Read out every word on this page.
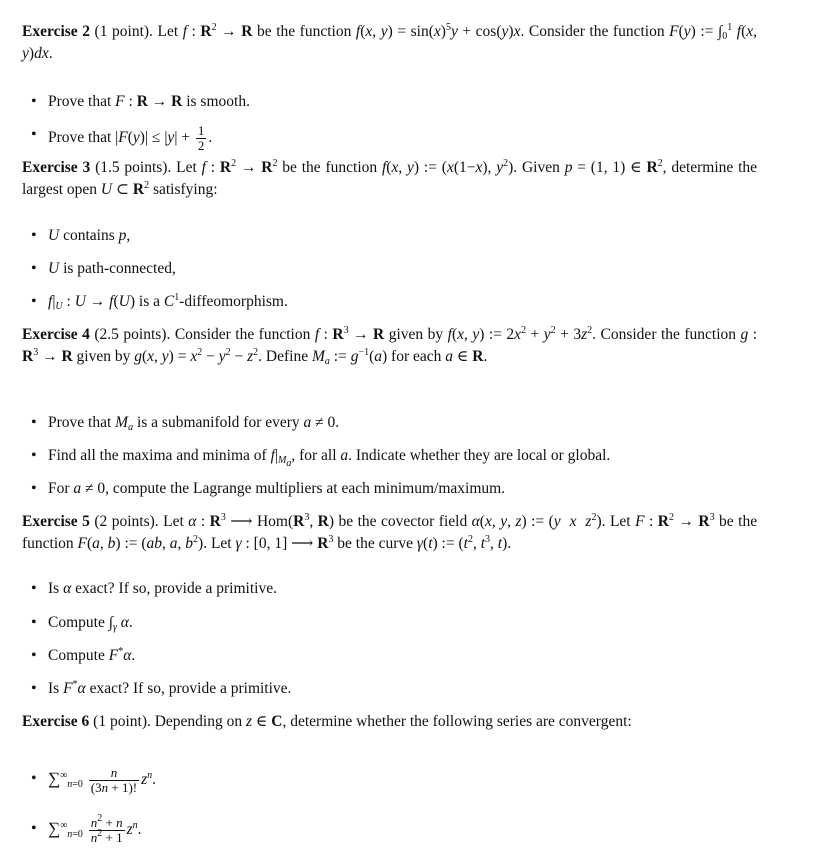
Exercise 2 (1 point). Let f : $R^2 \to R$ be the function f(x, $y) = \sin(x)^5y + \cos(y)x$. Consider the function F(y) := $\int_0^1$ f(x, y)dx.
• Prove that F : R → R is smooth.
• Prove that $|F(y)| \le |y| + \frac{1}{2}$ .
Exercise 3 (1.5 points). Let f : $R^2 \to R^2$ be the function f(x, y) := (x(1−x), $y^2$). Given p = (1, 1) ∈ $R^2$, determine the largest open U ⊂ $R^2$ satisfying:
• U contains p,
• U is path-connected,
• $f|_U$ : U → f(U) is a $C^1$-diffeomorphism.
Exercise 4 (2.5 points). Consider the function f : $R^3 \to R$ given by f(x, y) := $2x^2 + y^2 + 3z^2$. Consider the function g : $R^3 \to R$ given by g(x, $y) = x^2 - y^2 - z^2$. Define $M_a$ := $g^{-1}(a)$ for each a ∈ R.
• Prove that $M_a$ is a submanifold for every a ≠ 0.
• Find all the maxima and minima of $f|_{M_a}$, for all a. Indicate whether they are local or global.
• For a ≠ 0, compute the Lagrange multipliers at each minimum/maximum.
Exercise 5 (2 points). Let α : $R^3$ ⟶ $Hom(R^3$, R) be the covector field α(x, y, z) := (y x $z^2$). Let F : $R^2 \to R^3$ be the function F(a, b) := (ab, a, $b^2$). Let γ : [0, 1] ⟶ $R^3$ be the curve γ(t) := ($t^2$, $t^3$, t).
• Is α exact? If so, provide a primitive.
• Compute $\int_\gamma$ α.
• Compute F*α.
• Is F*α exact? If so, provide a primitive.
Exercise 6 (1 point). Depending on z ∈ C, determine whether the following series are convergent:
• $\sum^\infty_{n=0} \frac{n}{(3n + 1)!} z^n$.
• $\sum^\infty_{n=0} \frac{n^2 + n}{n^2 + 1} z^n$.
